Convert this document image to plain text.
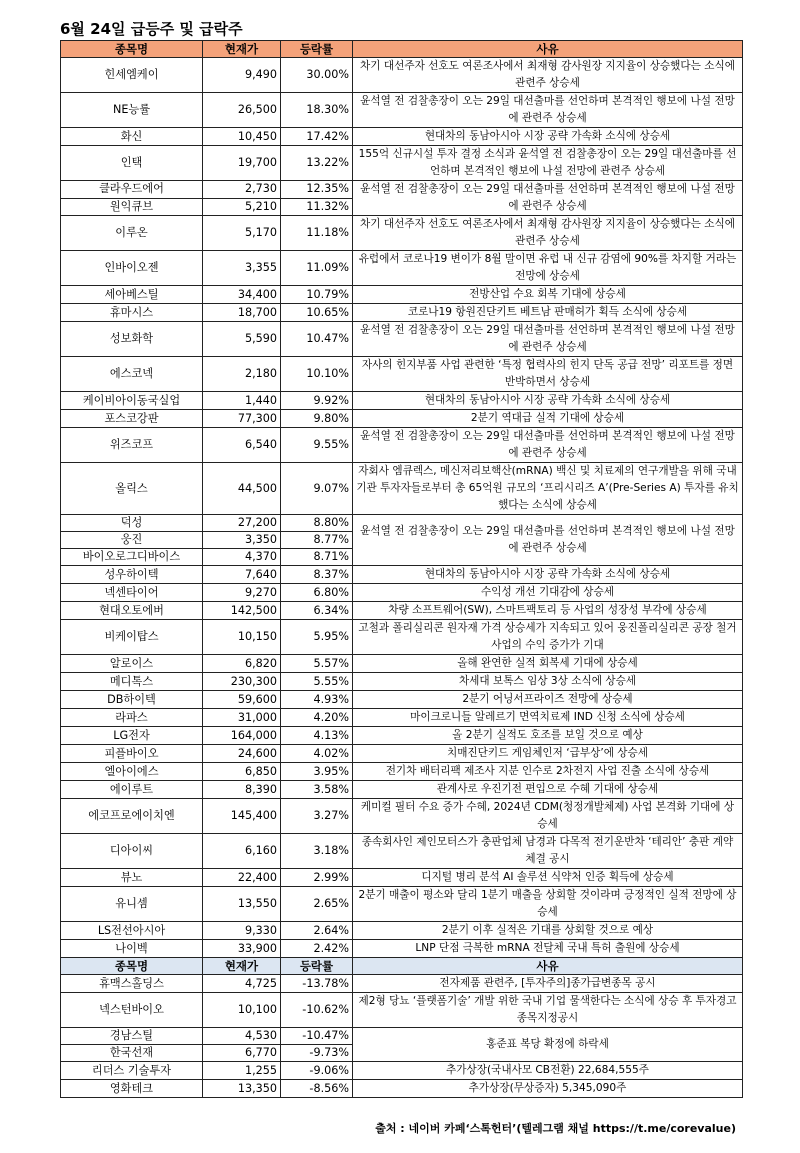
6월 24일 급등주 및 급락주
종목명	현재가	등락률	사유
힌세엠케이	9,490	30.00%	차기 대선주자 선호도 여론조사에서 최재형 감사원장 지지율이 상승했다는 소식에 관련주 상승세
NE능률	26,500	18.30%	윤석열 전 검찰총장이 오는 29일 대선출마를 선언하며 본격적인 행보에 나설 전망에 관련주 상승세
화신	10,450	17.42%	현대차의 동남아시아 시장 공략 가속화 소식에 상승세
인택	19,700	13.22%	155억 신규시설 투자 결정 소식과 윤석열 전 검찰총장이 오는 29일 대선출마를 선언하며 본격적인 행보에 나설 전망에 관련주 상승세
클라우드에어	2,730	12.35%	윤석열 전 검찰총장이 오는 29일 대선출마를 선언하며 본격적인 행보에 나설 전망에 관련주 상승세
원익큐브	5,210	11.32%	
이루온	5,170	11.18%	차기 대선주자 선호도 여론조사에서 최재형 감사원장 지지율이 상승했다는 소식에 관련주 상승세
인바이오젠	3,355	11.09%	유럽에서 코로나19 변이가 8월 말이면 유럽 내 신규 감염에 90%를 차지할 거라는 전망에 상승세
세아베스틸	34,400	10.79%	전방산업 수요 회복 기대에 상승세
휴마시스	18,700	10.65%	코로나19 항원진단키트 베트남 판매허가 획득 소식에 상승세
성보화학	5,590	10.47%	윤석열 전 검찰총장이 오는 29일 대선출마를 선언하며 본격적인 행보에 나설 전망에 관련주 상승세
에스코넥	2,180	10.10%	자사의 힌지부품 사업 관련한 ‘특정 협력사의 힌지 단독 공급 전망’ 리포트를 정면 반박하면서 상승세
케이비아이동국실업	1,440	9.92%	현대차의 동남아시아 시장 공략 가속화 소식에 상승세
포스코강판	77,300	9.80%	2분기 역대급 실적 기대에 상승세
위즈코프	6,540	9.55%	윤석열 전 검찰총장이 오는 29일 대선출마를 선언하며 본격적인 행보에 나설 전망에 관련주 상승세
올릭스	44,500	9.07%	자회사 엠큐렉스, 메신저리보핵산(mRNA) 백신 및 치료제의 연구개발을 위해 국내 기관 투자자들로부터 총 65억원 규모의 ‘프리시리즈 A’(Pre-Series A) 투자를 유치했다는 소식에 상승세
덕성	27,200	8.80%	윤석열 전 검찰총장이 오는 29일 대선출마를 선언하며 본격적인 행보에 나설 전망에 관련주 상승세
웅진	3,350	8.77%	
바이오로그디바이스	4,370	8.71%	
성우하이텍	7,640	8.37%	현대차의 동남아시아 시장 공략 가속화 소식에 상승세
넥센타이어	9,270	6.80%	수익성 개선 기대감에 상승세
현대오토에버	142,500	6.34%	차량 소프트웨어(SW), 스마트팩토리 등 사업의 성장성 부각에 상승세
비케이탑스	10,150	5.95%	고철과 폴리실리콘 원자재 가격 상승세가 지속되고 있어 웅진폴리실리콘 공장 철거 사업의 수익 증가가 기대
알로이스	6,820	5.57%	올해 완연한 실적 회복세 기대에 상승세
메디톡스	230,300	5.55%	차세대 보톡스 임상 3상 소식에 상승세
DB하이텍	59,600	4.93%	2분기 어닝서프라이즈 전망에 상승세
라파스	31,000	4.20%	마이크로니들 알레르기 면역치료제 IND 신청 소식에 상승세
LG전자	164,000	4.13%	올 2분기 실적도 호조를 보일 것으로 예상
피플바이오	24,600	4.02%	치매진단키드 게임체인저 ‘급부상’에 상승세
엘아이에스	6,850	3.95%	전기차 배터리팩 제조사 지분 인수로 2차전지 사업 진출 소식에 상승세
에이루트	8,390	3.58%	관계사로 우진기전 편입으로 수혜 기대에 상승세
에코프로에이치엔	145,400	3.27%	케미컬 필터 수요 증가 수혜, 2024년 CDM(청정개발체제) 사업 본격화 기대에 상승세
디아이씨	6,160	3.18%	종속회사인 제인모터스가 충판업체 남경과 다목적 전기운반차 ‘테리안’ 충판 계약 체결 공시
뷰노	22,400	2.99%	디지털 병리 분석 AI 솔루션 식약처 인증 획득에 상승세
유니셈	13,550	2.65%	2분기 매출이 평소와 달리 1분기 매출을 상회할 것이라며 긍정적인 실적 전망에 상승세
LS전선아시아	9,330	2.64%	2분기 이후 실적은 기대를 상회할 것으로 예상
나이벡	33,900	2.42%	LNP 단점 극복한 mRNA 전달체 국내 특허 출원에 상승세
종목명	현재가	등락률	사유
휴맥스홀딩스	4,725	-13.78%	전자제품 관련주, [투자주의]종가급변종목 공시
넥스턴바이오	10,100	-10.62%	제2형 당뇨 ‘플랫폼기술’ 개발 위한 국내 기업 물색한다는 소식에 상승 후 투자경고종목지정공시
경남스틸	4,530	-10.47%	홍준표 복당 확정에 하락세
한국선재	6,770	-9.73%	
리더스 기술투자	1,255	-9.06%	추가상장(국내사모 CB전환) 22,684,555주
영화테크	13,350	-8.56%	추가상장(무상증자) 5,345,090주
출처 : 네이버 카페‘스톡헌터’(텔레그램 채널 https://t.me/corevalue)
